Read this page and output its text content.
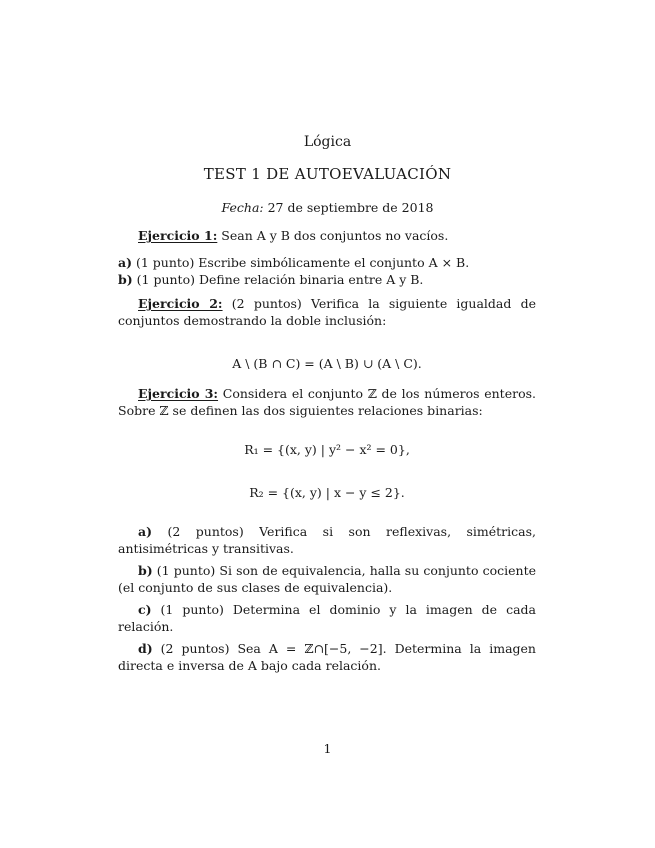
Lógica
TEST 1 DE AUTOEVALUACIÓN
Fecha: 27 de septiembre de 2018

Ejercicio 1: Sean A y B dos conjuntos no vacíos.

a) (1 punto) Escribe simbólicamente el conjunto A × B.

b) (1 punto) Define relación binaria entre A y B.

Ejercicio 2: (2 puntos) Verifica la siguiente igualdad de conjuntos demostrando la doble inclusión:

A \ (B ∩ C) = (A \ B) ∪ (A \ C).

Ejercicio 3: Considera el conjunto ℤ de los números enteros. Sobre ℤ se definen las dos siguientes relaciones binarias:

R₁ = {(x, y) | y² − x² = 0},

R₂ = {(x, y) | x − y ≤ 2}.

a) (2 puntos) Verifica si son reflexivas, simétricas, antisimétricas y transitivas.

b) (1 punto) Si son de equivalencia, halla su conjunto cociente (el conjunto de sus clases de equivalencia).

c) (1 punto) Determina el dominio y la imagen de cada relación.

d) (2 puntos) Sea A = ℤ∩[−5, −2]. Determina la imagen directa e inversa de A bajo cada relación.

1
